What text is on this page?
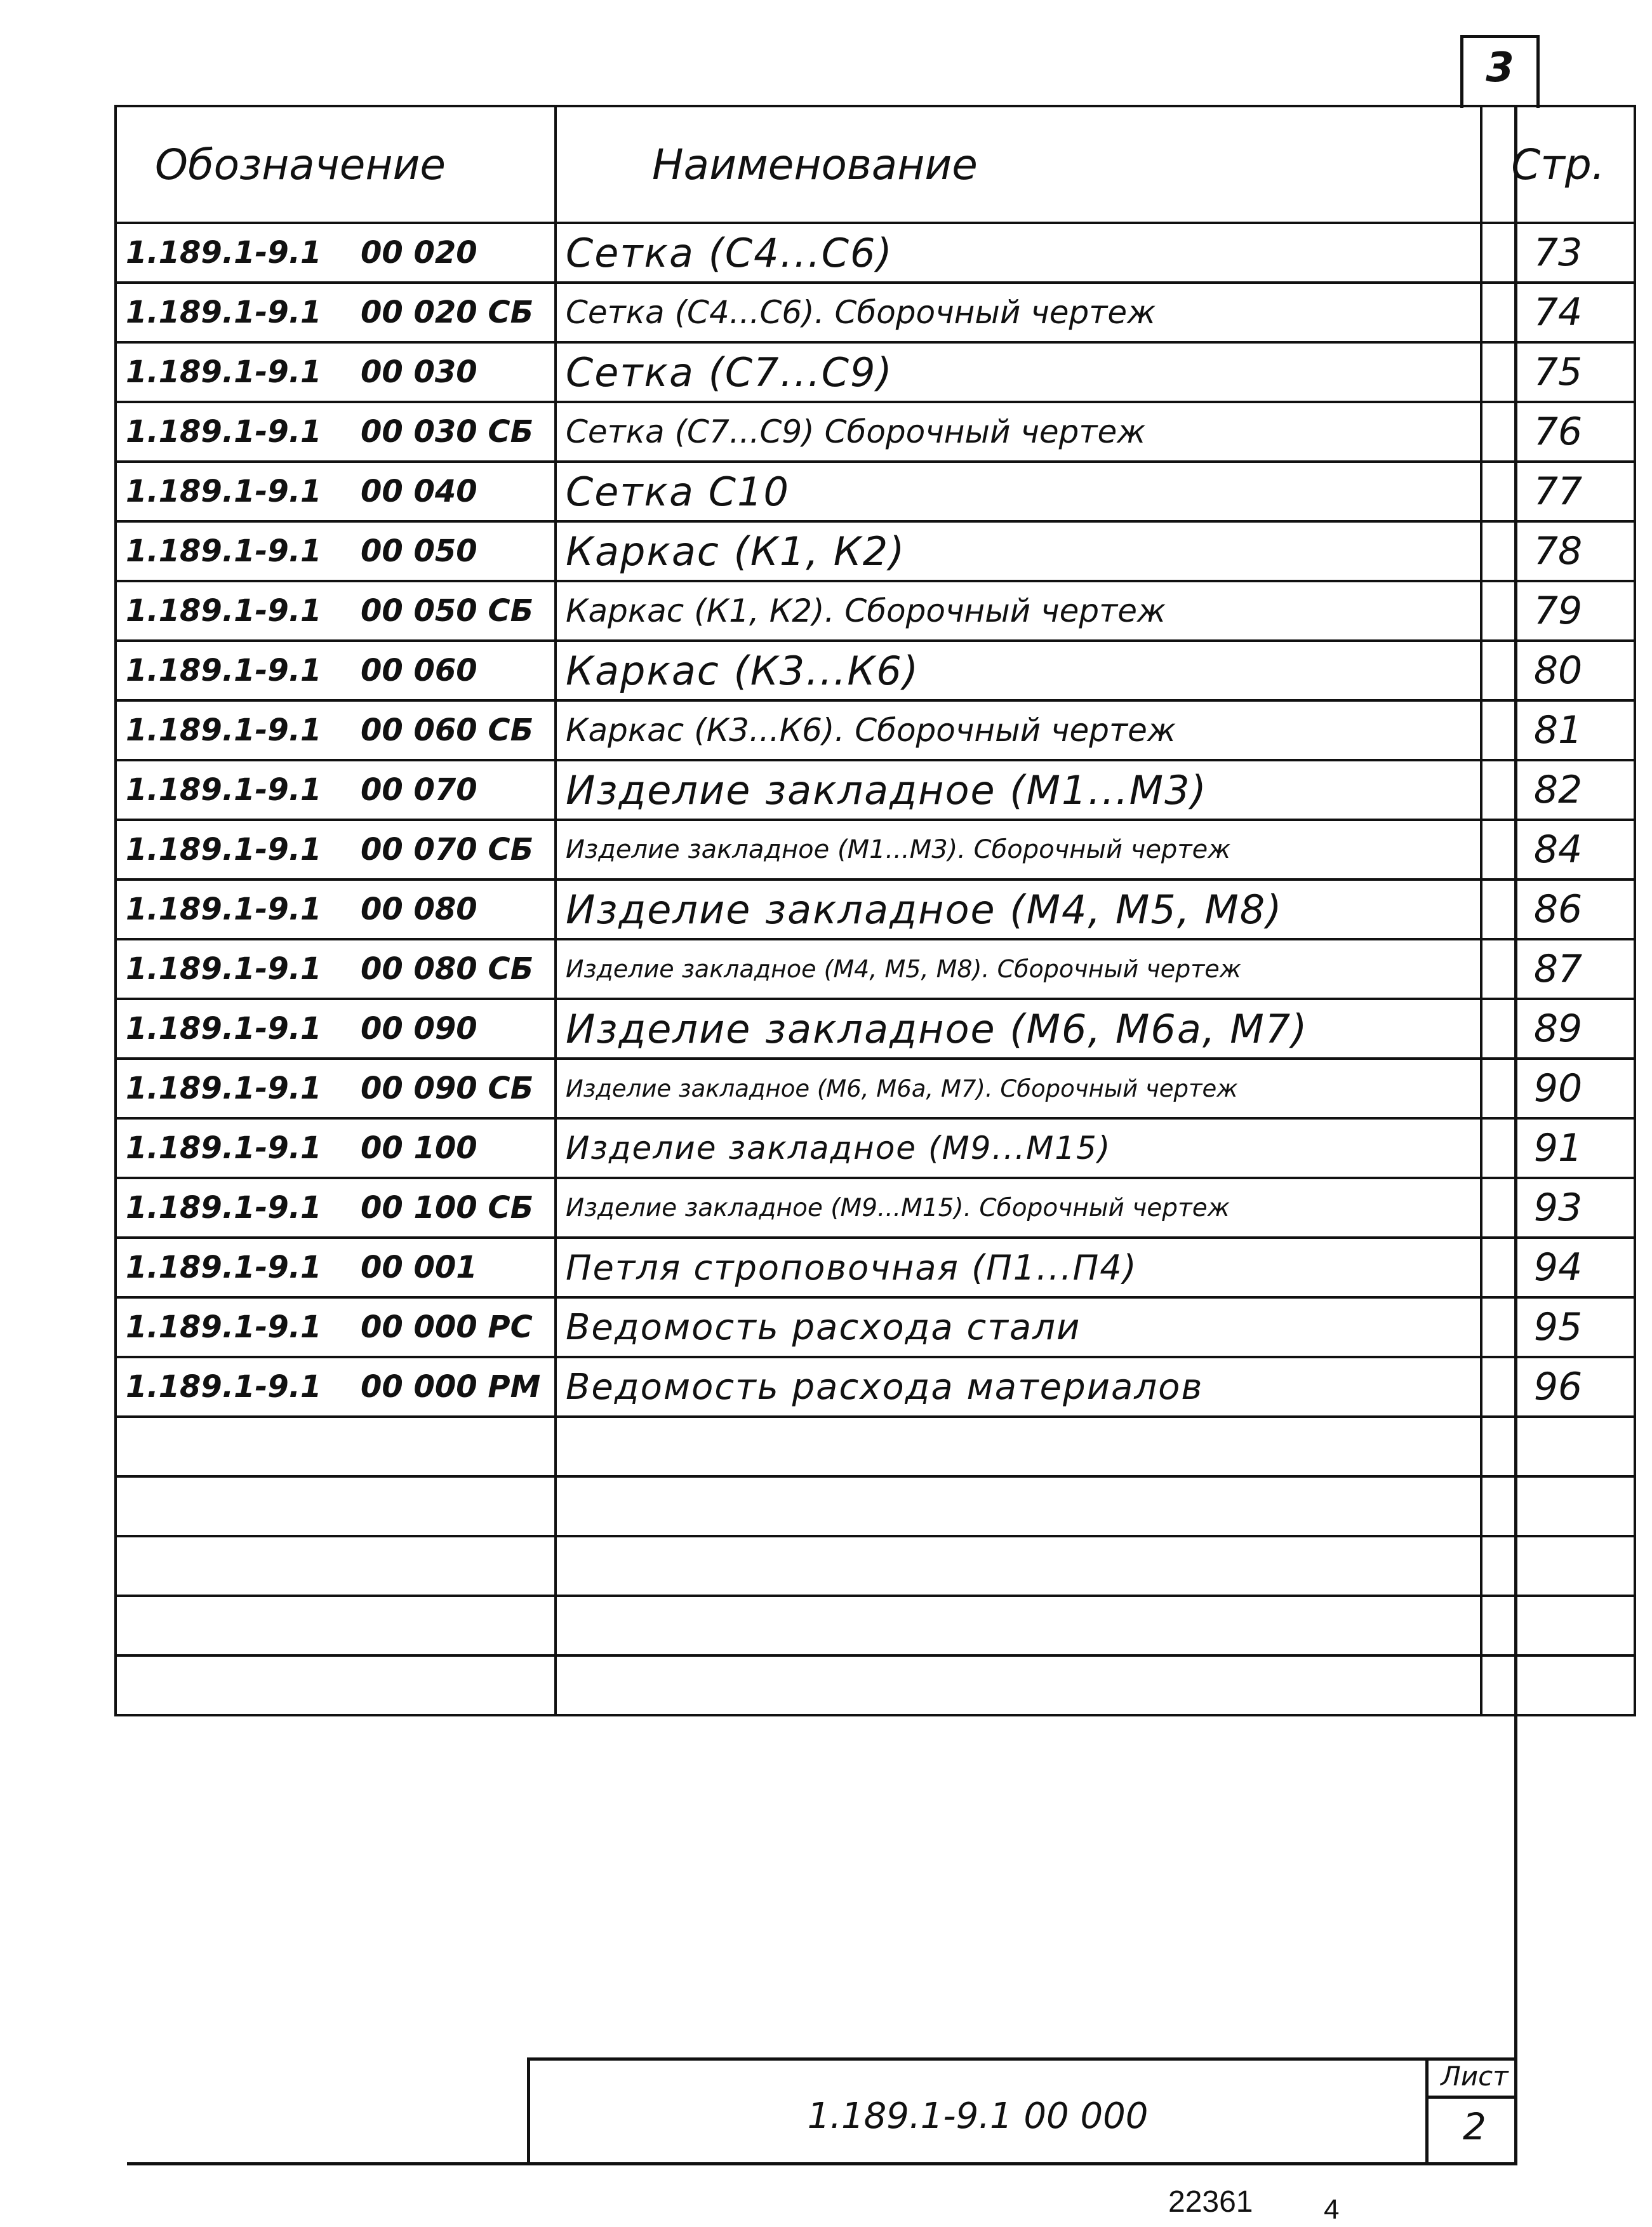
3
Обозначение	Наименование	Стр.
1.189.1-9.1 00 020	Сетка (С4...С6)	73
1.189.1-9.1 00 020 СБ	Сетка (С4...С6). Сборочный чертеж	74
1.189.1-9.1 00 030	Сетка (С7...С9)	75
1.189.1-9.1 00 030 СБ	Сетка (С7...С9) Сборочный чертеж	76
1.189.1-9.1 00 040	Сетка С10	77
1.189.1-9.1 00 050	Каркас (К1, К2)	78
1.189.1-9.1 00 050 СБ	Каркас (К1, К2). Сборочный чертеж	79
1.189.1-9.1 00 060	Каркас (К3...К6)	80
1.189.1-9.1 00 060 СБ	Каркас (К3...К6). Сборочный чертеж	81
1.189.1-9.1 00 070	Изделие закладное (М1...М3)	82
1.189.1-9.1 00 070 СБ	Изделие закладное (М1...М3). Сборочный чертеж	84
1.189.1-9.1 00 080	Изделие закладное (М4, М5, М8)	86
1.189.1-9.1 00 080 СБ	Изделие закладное (М4, М5, М8). Сборочный чертеж	87
1.189.1-9.1 00 090	Изделие закладное (М6, М6а, М7)	89
1.189.1-9.1 00 090 СБ	Изделие закладное (М6, М6а, М7). Сборочный чертеж	90
1.189.1-9.1 00 100	Изделие закладное (М9...М15)	91
1.189.1-9.1 00 100 СБ	Изделие закладное (М9...М15). Сборочный чертеж	93
1.189.1-9.1 00 001	Петля строповочная (П1...П4)	94
1.189.1-9.1 00 000 РС	Ведомость расхода стали	95
1.189.1-9.1 00 000 РМ	Ведомость расхода материалов	96

1.189.1-9.1 00 000
Лист
2
22361	4
